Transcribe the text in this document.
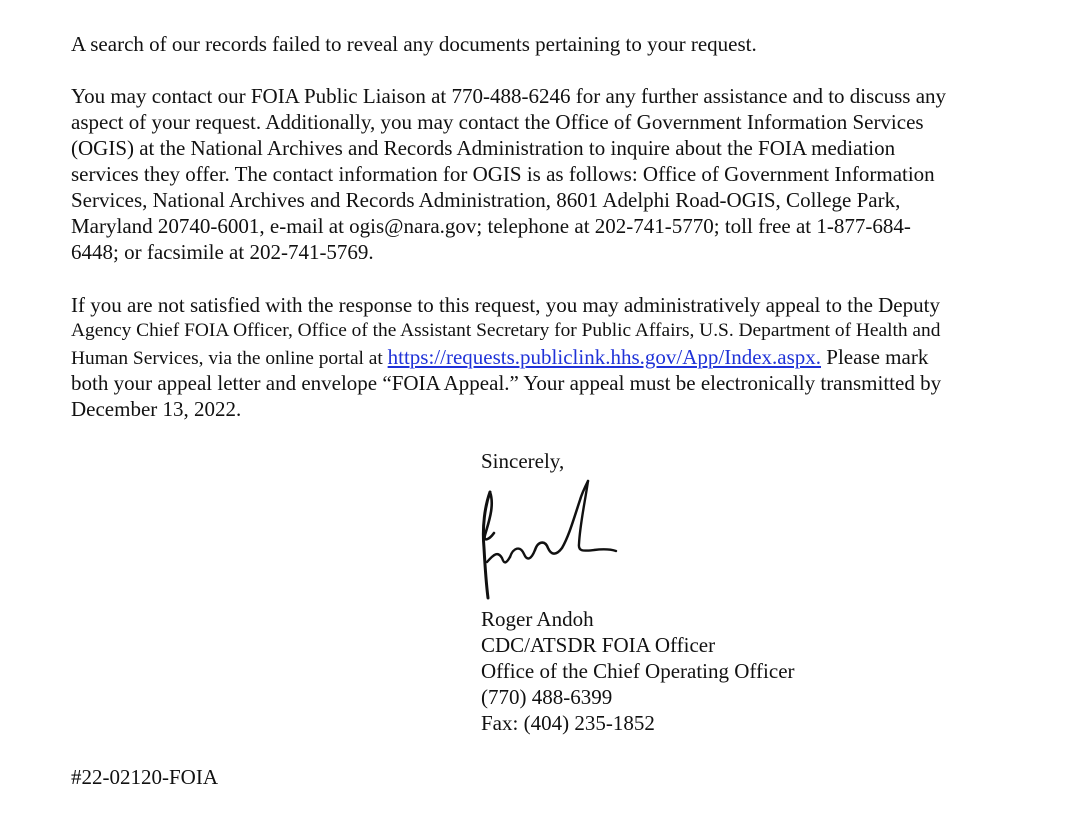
A search of our records failed to reveal any documents pertaining to your request.

You may contact our FOIA Public Liaison at 770-488-6246 for any further assistance and to discuss any
aspect of your request. Additionally, you may contact the Office of Government Information Services
(OGIS) at the National Archives and Records Administration to inquire about the FOIA mediation
services they offer. The contact information for OGIS is as follows: Office of Government Information
Services, National Archives and Records Administration, 8601 Adelphi Road-OGIS, College Park,
Maryland 20740-6001, e-mail at ogis@nara.gov; telephone at 202-741-5770; toll free at 1-877-684-
6448; or facsimile at 202-741-5769.

If you are not satisfied with the response to this request, you may administratively appeal to the Deputy
Agency Chief FOIA Officer, Office of the Assistant Secretary for Public Affairs, U.S. Department of Health and
Human Services, via the online portal at https://requests.publiclink.hhs.gov/App/Index.aspx. Please mark
both your appeal letter and envelope “FOIA Appeal.” Your appeal must be electronically transmitted by
December 13, 2022.

Sincerely,

Roger Andoh
CDC/ATSDR FOIA Officer
Office of the Chief Operating Officer
(770) 488-6399
Fax: (404) 235-1852

#22-02120-FOIA
